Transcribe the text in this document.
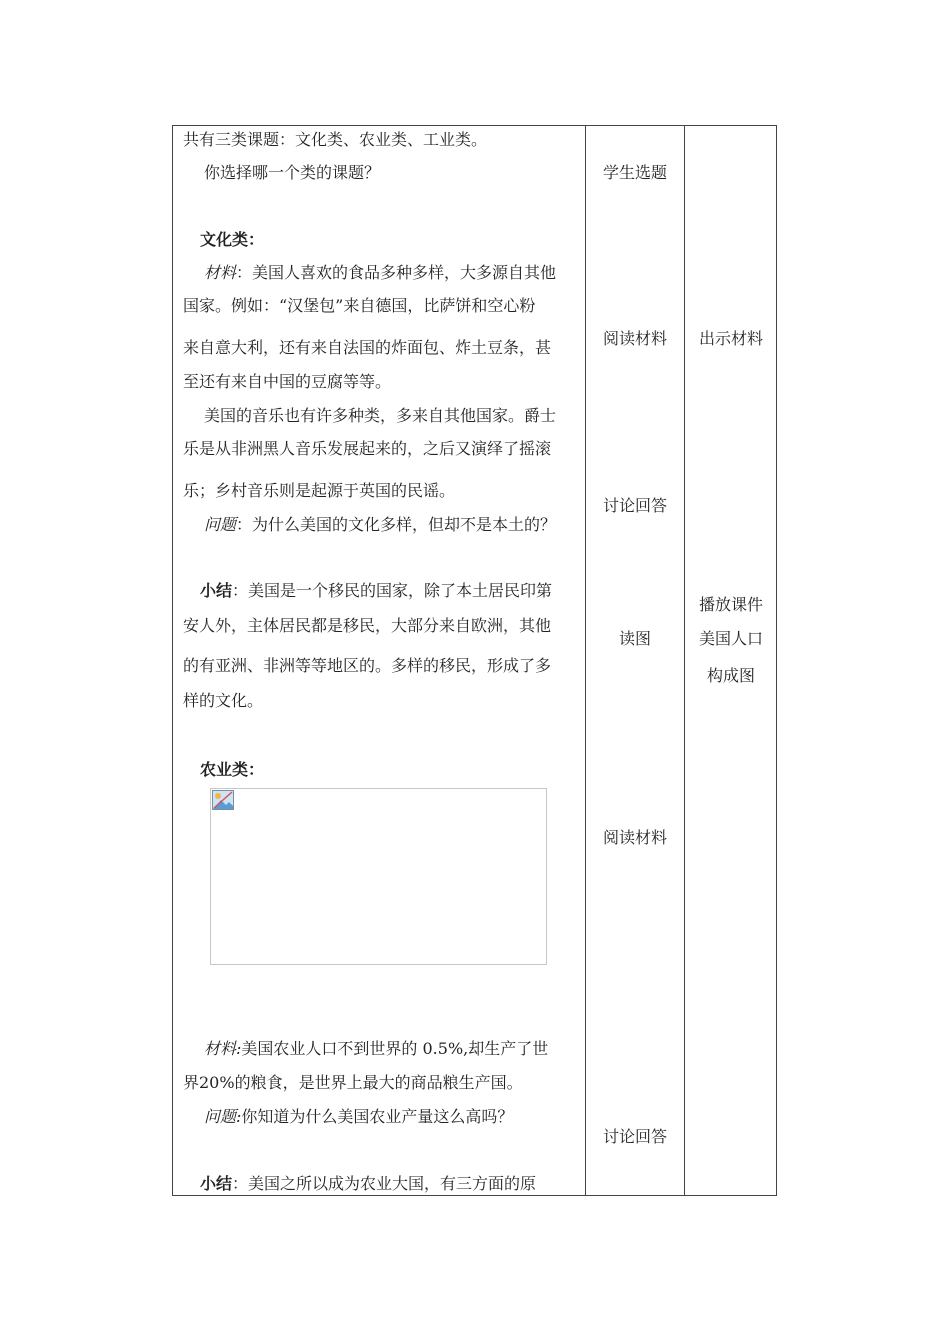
共有三类课题：文化类、农业类、工业类。
你选择哪一个类的课题？
文化类：
材料：美国人喜欢的食品多种多样，大多源自其他
国家。例如：“汉堡包”来自德国，比萨饼和空心粉
来自意大利，还有来自法国的炸面包、炸土豆条，甚
至还有来自中国的豆腐等等。
美国的音乐也有许多种类，多来自其他国家。爵士
乐是从非洲黑人音乐发展起来的，之后又演绎了摇滚
乐；乡村音乐则是起源于英国的民谣。
问题：为什么美国的文化多样，但却不是本土的？
小结：美国是一个移民的国家，除了本土居民印第
安人外，主体居民都是移民，大部分来自欧洲，其他
的有亚洲、非洲等等地区的。多样的移民，形成了多
样的文化。
农业类：
材料:美国农业人口不到世界的 0.5%,却生产了世
界20%的粮食，是世界上最大的商品粮生产国。
问题:你知道为什么美国农业产量这么高吗？
小结：美国之所以成为农业大国，有三方面的原
学生选题
阅读材料
讨论回答
读图
阅读材料
讨论回答
出示材料
播放课件
美国人口
构成图
